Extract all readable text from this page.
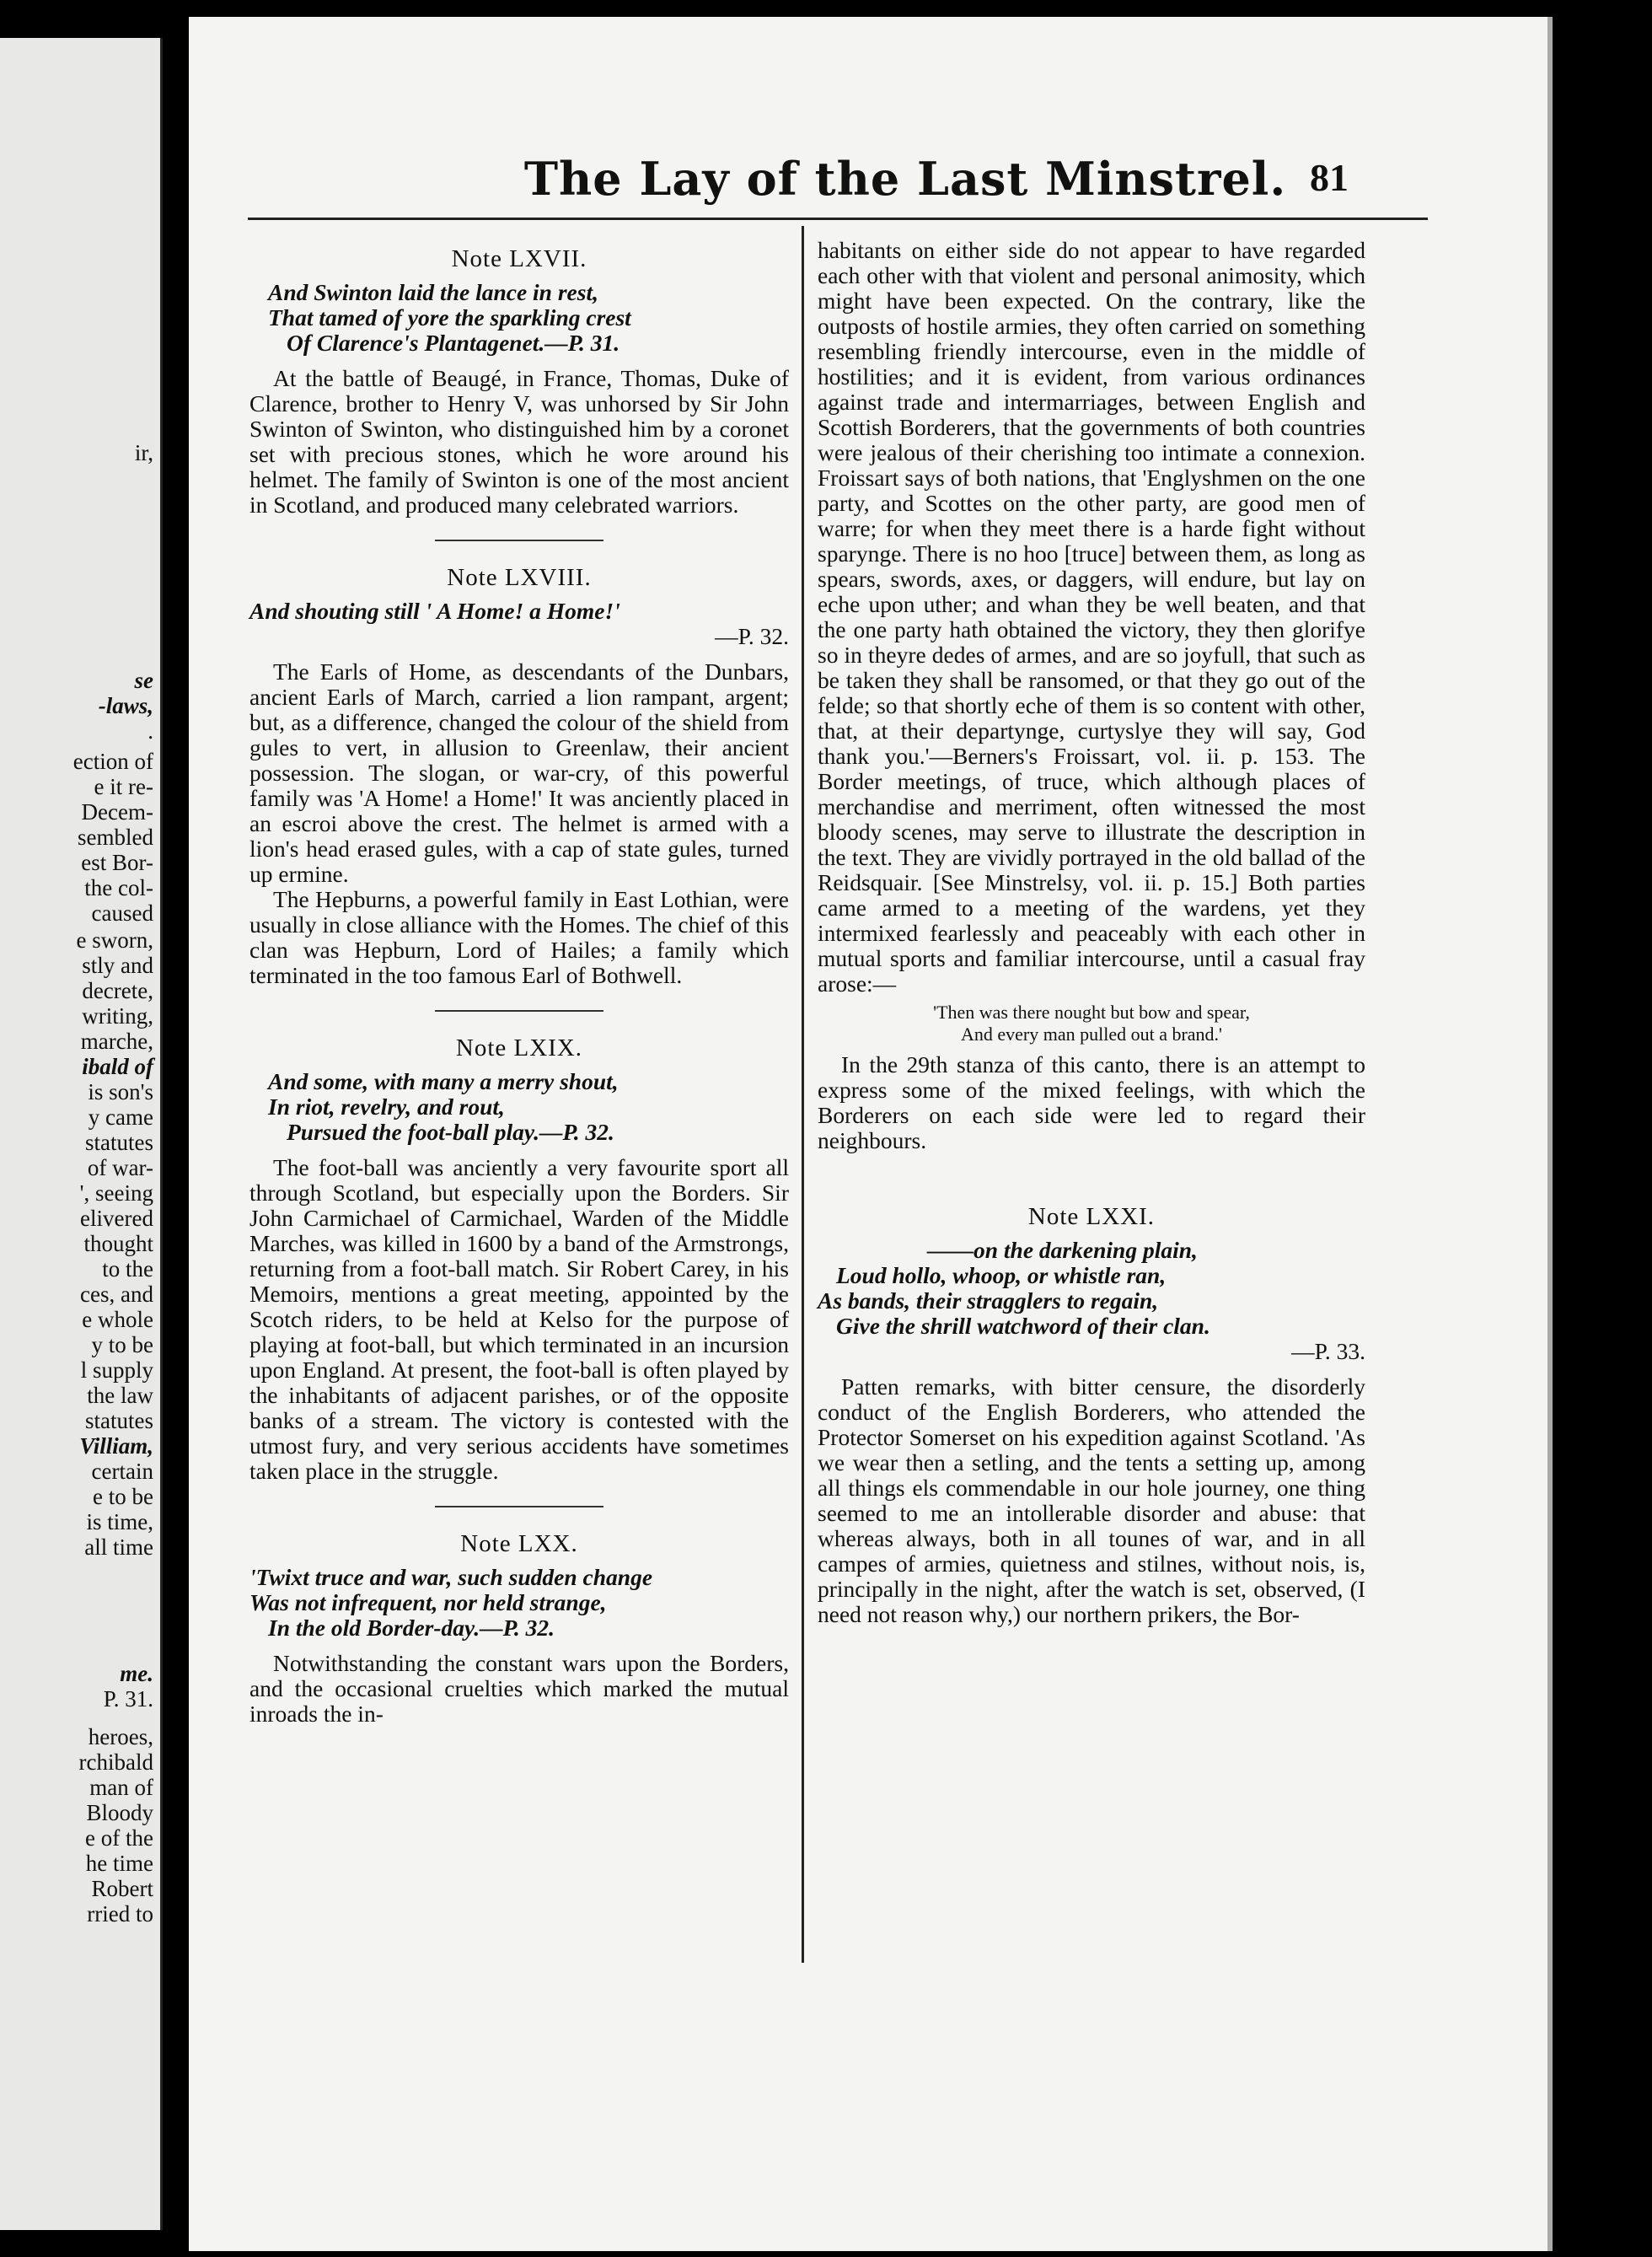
ir,
se
-laws,
.
ection of
e it re-
Decem-
sembled
est Bor-
the col-
caused
e sworn,
stly and
decrete,
writing,
marche,
ibald of
is son's
y came
statutes
of war-
', seeing
elivered
thought
to the
ces, and
e whole
y to be
l supply
the law
statutes
Villiam,
certain
e to be
is time,
all time
me.
P. 31.
heroes,
rchibald
man of
Bloody
e of the
he time
Robert
rried to
The Lay of the Last Minstrel. 81
Note LXVII.
And Swinton laid the lance in rest,
That tamed of yore the sparkling crest
Of Clarence's Plantagenet.—P. 31.

At the battle of Beaugé, in France, Thomas, Duke of Clarence, brother to Henry V, was unhorsed by Sir John Swinton of Swinton, who distinguished him by a coronet set with precious stones, which he wore around his helmet. The family of Swinton is one of the most ancient in Scotland, and produced many celebrated warriors.

Note LXVIII.
And shouting still ' A Home! a Home!'
—P. 32.

The Earls of Home, as descendants of the Dunbars, ancient Earls of March, carried a lion rampant, argent; but, as a difference, changed the colour of the shield from gules to vert, in allusion to Greenlaw, their ancient possession. The slogan, or war-cry, of this powerful family was 'A Home! a Home!' It was anciently placed in an escroi above the crest. The helmet is armed with a lion's head erased gules, with a cap of state gules, turned up ermine.

The Hepburns, a powerful family in East Lothian, were usually in close alliance with the Homes. The chief of this clan was Hepburn, Lord of Hailes; a family which terminated in the too famous Earl of Bothwell.

Note LXIX.
And some, with many a merry shout,
In riot, revelry, and rout,
Pursued the foot-ball play.—P. 32.

The foot-ball was anciently a very favourite sport all through Scotland, but especially upon the Borders. Sir John Carmichael of Carmichael, Warden of the Middle Marches, was killed in 1600 by a band of the Armstrongs, returning from a foot-ball match. Sir Robert Carey, in his Memoirs, mentions a great meeting, appointed by the Scotch riders, to be held at Kelso for the purpose of playing at foot-ball, but which terminated in an incursion upon England. At present, the foot-ball is often played by the inhabitants of adjacent parishes, or of the opposite banks of a stream. The victory is contested with the utmost fury, and very serious accidents have sometimes taken place in the struggle.

Note LXX.
'Twixt truce and war, such sudden change
Was not infrequent, nor held strange,
In the old Border-day.—P. 32.

Notwithstanding the constant wars upon the Borders, and the occasional cruelties which marked the mutual inroads the in-

habitants on either side do not appear to have regarded each other with that violent and personal animosity, which might have been expected. On the contrary, like the outposts of hostile armies, they often carried on something resembling friendly intercourse, even in the middle of hostilities; and it is evident, from various ordinances against trade and intermarriages, between English and Scottish Borderers, that the governments of both countries were jealous of their cherishing too intimate a connexion. Froissart says of both nations, that 'Englyshmen on the one party, and Scottes on the other party, are good men of warre; for when they meet there is a harde fight without sparynge. There is no hoo [truce] between them, as long as spears, swords, axes, or daggers, will endure, but lay on eche upon uther; and whan they be well beaten, and that the one party hath obtained the victory, they then glorifye so in theyre dedes of armes, and are so joyfull, that such as be taken they shall be ransomed, or that they go out of the felde; so that shortly eche of them is so content with other, that, at their departynge, curtyslye they will say, God thank you.'—Berners's Froissart, vol. ii. p. 153. The Border meetings, of truce, which although places of merchandise and merriment, often witnessed the most bloody scenes, may serve to illustrate the description in the text. They are vividly portrayed in the old ballad of the Reidsquair. [See Minstrelsy, vol. ii. p. 15.] Both parties came armed to a meeting of the wardens, yet they intermixed fearlessly and peaceably with each other in mutual sports and familiar intercourse, until a casual fray arose:—

'Then was there nought but bow and spear,
And every man pulled out a brand.'

In the 29th stanza of this canto, there is an attempt to express some of the mixed feelings, with which the Borderers on each side were led to regard their neighbours.

Note LXXI.
——on the darkening plain,
Loud hollo, whoop, or whistle ran,
As bands, their stragglers to regain,
Give the shrill watchword of their clan.
—P. 33.

Patten remarks, with bitter censure, the disorderly conduct of the English Borderers, who attended the Protector Somerset on his expedition against Scotland. 'As we wear then a setling, and the tents a setting up, among all things els commendable in our hole journey, one thing seemed to me an intollerable disorder and abuse: that whereas always, both in all tounes of war, and in all campes of armies, quietness and stilnes, without nois, is, principally in the night, after the watch is set, observed, (I need not reason why,) our northern prikers, the Bor-
